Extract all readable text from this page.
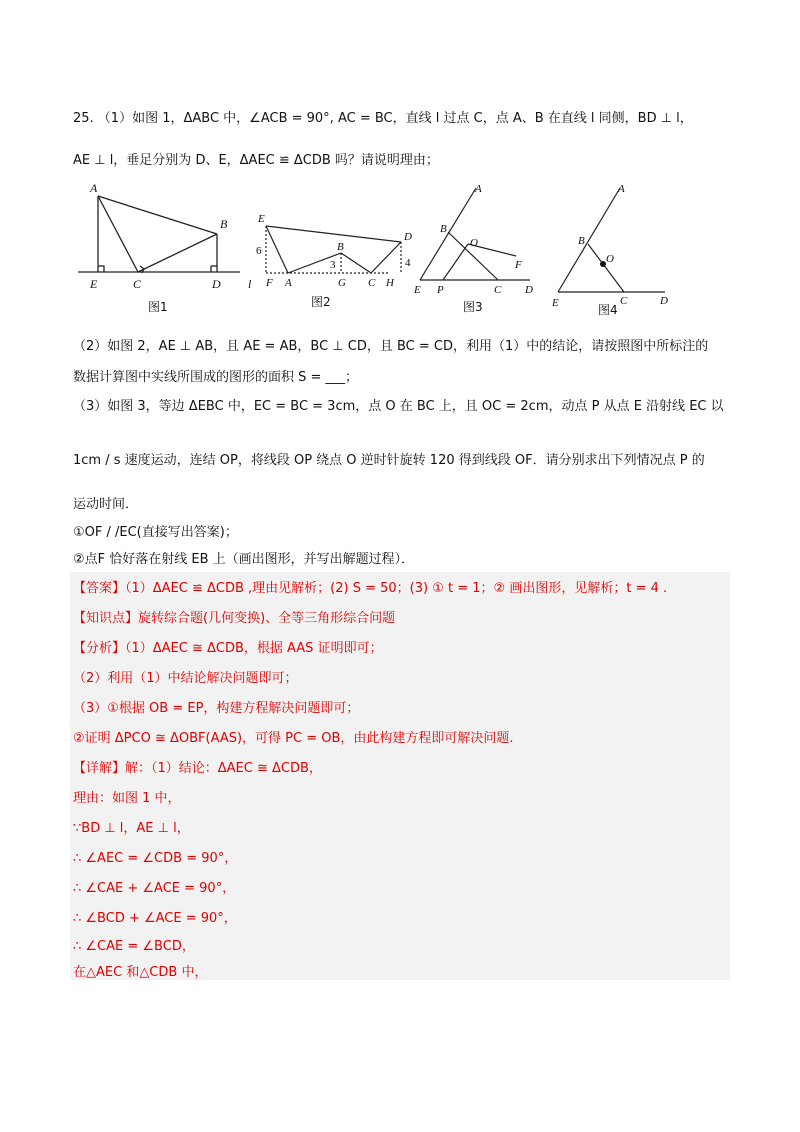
25. （1）如图 1，ΔABC 中，∠ACB = 90°, AC = BC，直线 l 过点 C，点 A、B 在直线 l 同侧，BD ⊥ l，
AE ⊥ l，垂足分别为 D、E，ΔAEC ≌ ΔCDB 吗？请说明理由；
A
B
E	C	D l
图1
E
D
B
6
3	4
F A	G C H
图2
A
B
O
F
E P	C D
图3
A
B
O
E	C	D
图4
（2）如图 2，AE ⊥ AB，且 AE = AB，BC ⊥ CD，且 BC = CD，利用（1）中的结论，请按照图中所标注的
数据计算图中实线所围成的图形的面积 S = ___；
（3）如图 3，等边 ΔEBC 中，EC = BC = 3cm，点 O 在 BC 上，且 OC = 2cm，动点 P 从点 E 沿射线 EC 以
1cm / s 速度运动，连结 OP，将线段 OP 绕点 O 逆时针旋转 120 得到线段 OF．请分别求出下列情况点 P 的
运动时间．
①OF / /EC(直接写出答案)；
②点F 恰好落在射线 EB 上（画出图形，并写出解题过程）．
【答案】（1）ΔAEC ≌ ΔCDB ,理由见解析；(2) S = 50；(3) ① t = 1；② 画出图形，见解析；t = 4 .
【知识点】旋转综合题(几何变换)、全等三角形综合问题
【分析】（1）ΔAEC ≅ ΔCDB，根据 AAS 证明即可；
（2）利用（1）中结论解决问题即可；
（3）①根据 OB = EP，构建方程解决问题即可；
②证明 ΔPCO ≅ ΔOBF(AAS)，可得 PC = OB，由此构建方程即可解决问题.
【详解】解：（1）结论：ΔAEC ≅ ΔCDB，
理由：如图 1 中，
∵BD ⊥ l，AE ⊥ l，
∴ ∠AEC = ∠CDB = 90°，
∴ ∠CAE + ∠ACE = 90°，
∴ ∠BCD + ∠ACE = 90°，
∴ ∠CAE = ∠BCD，
在△AEC 和△CDB 中，
